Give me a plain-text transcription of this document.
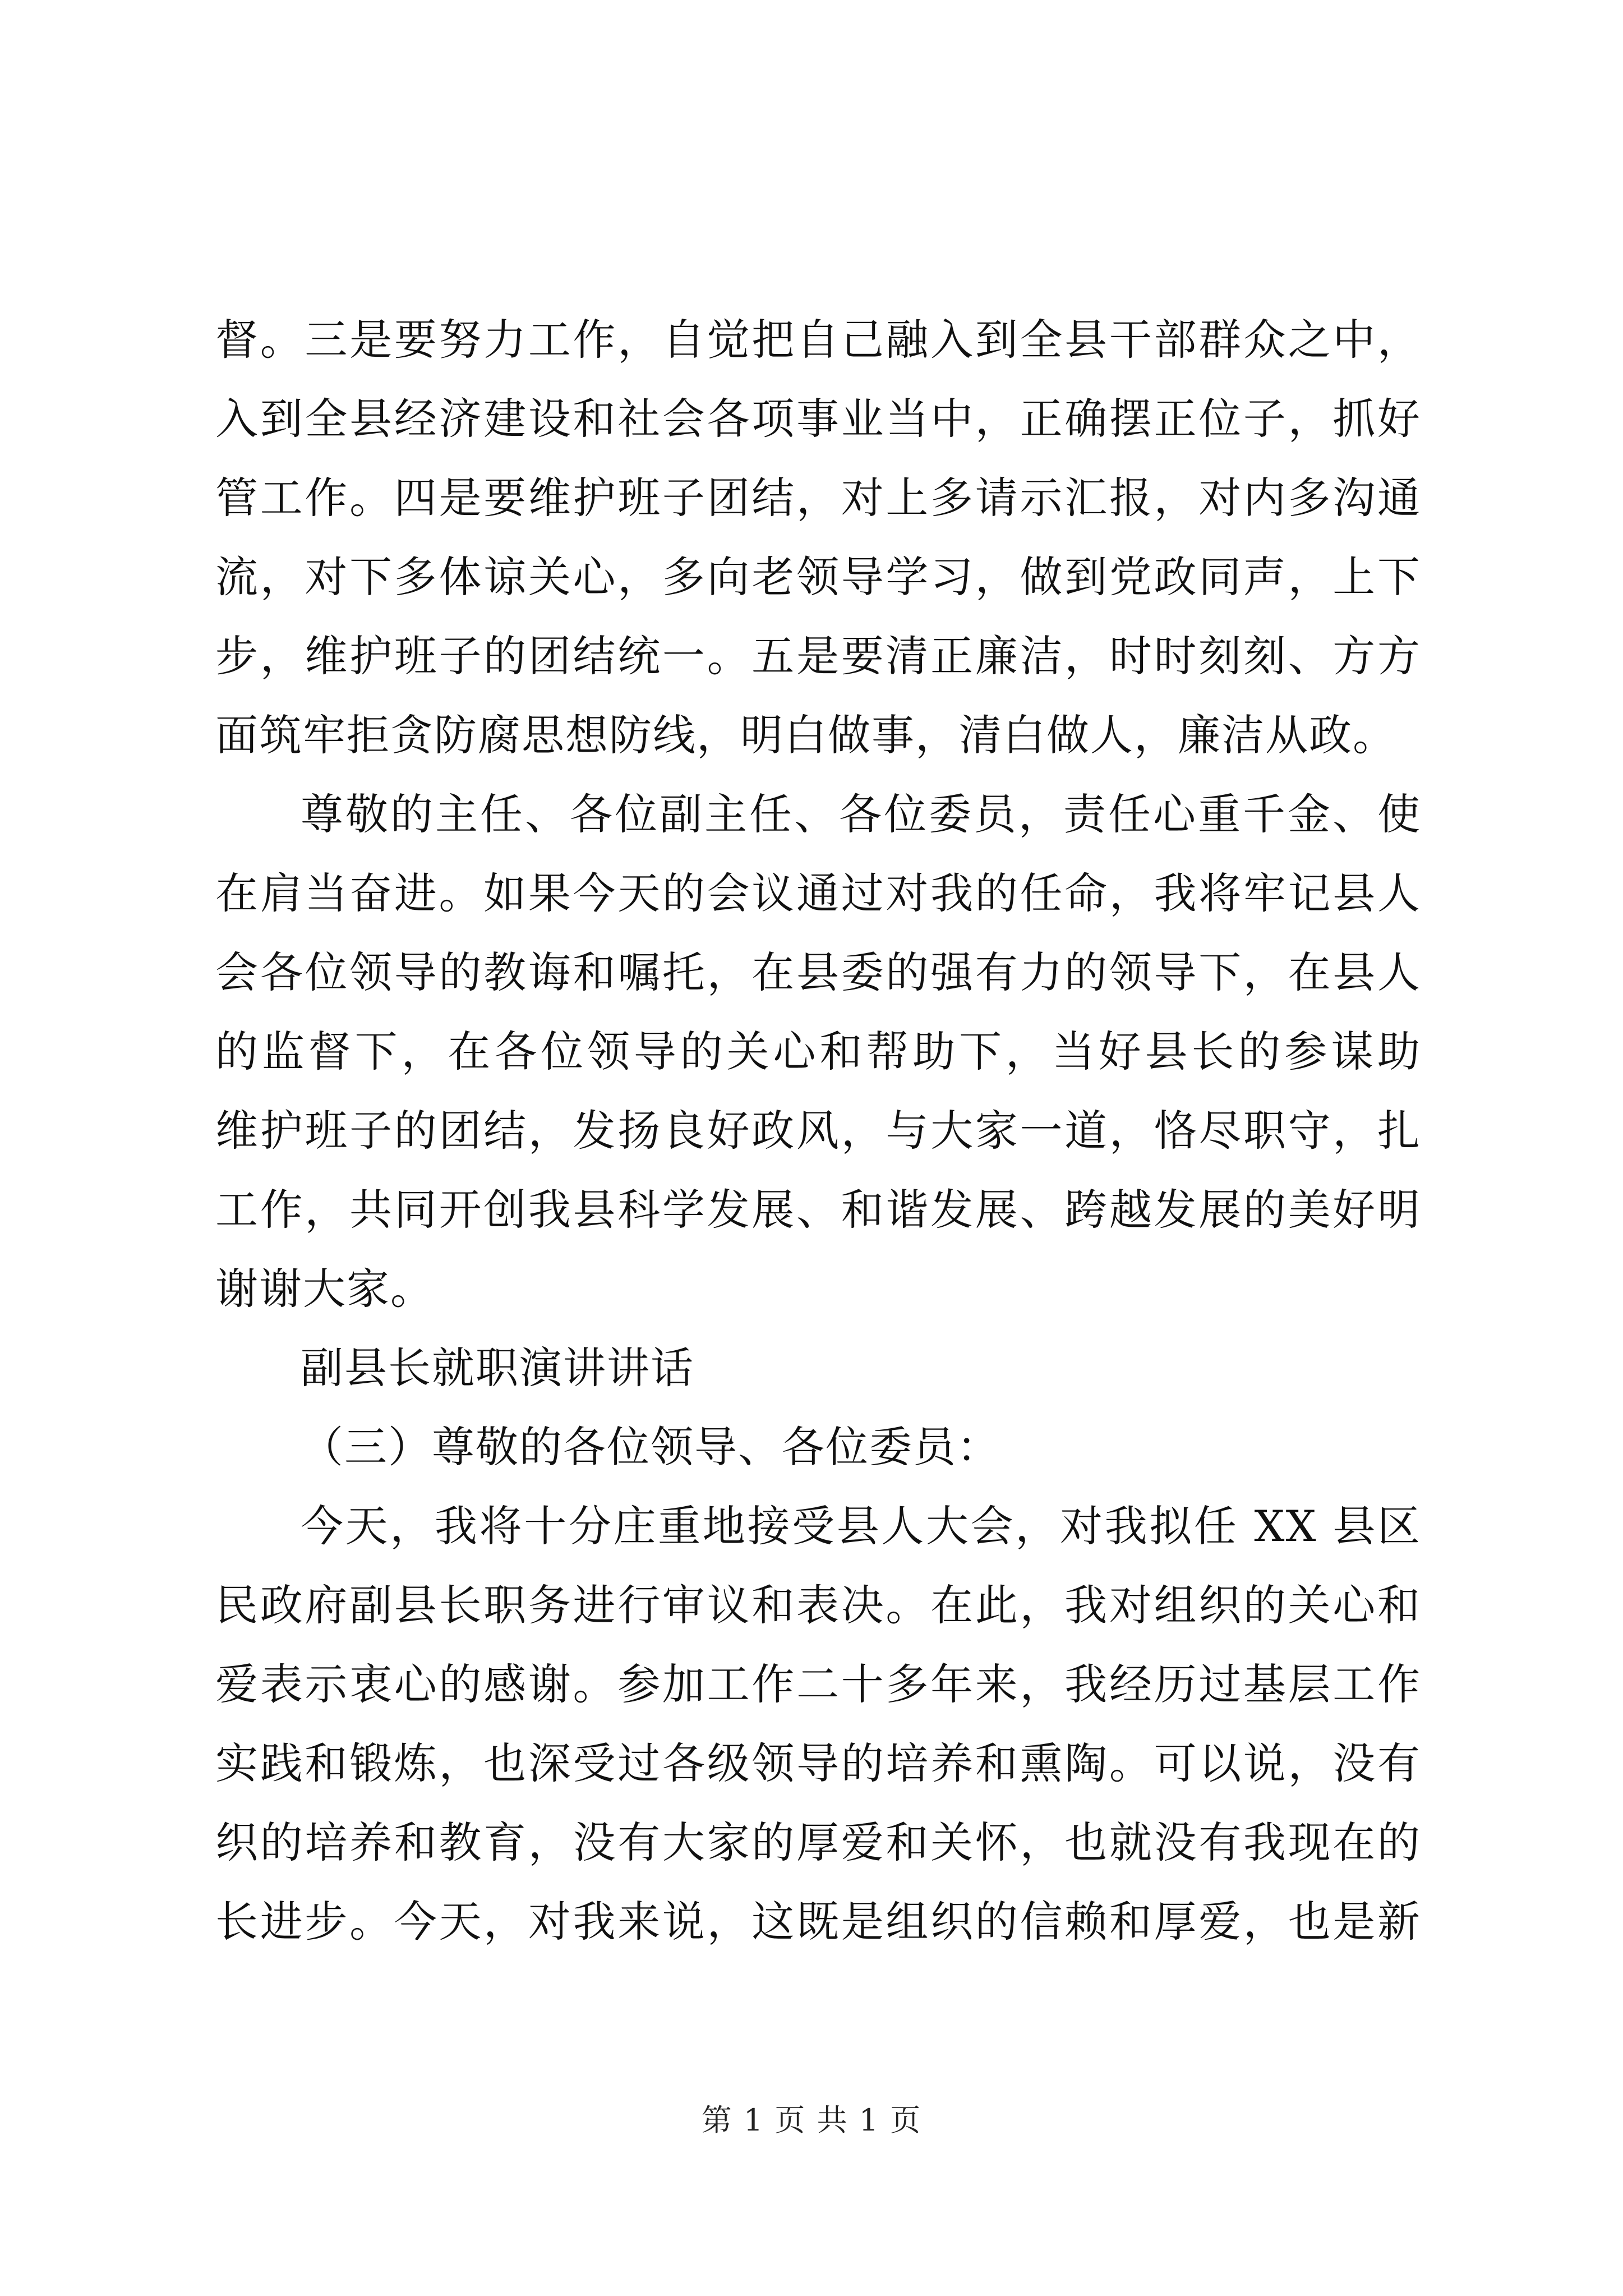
督。三是要努力工作，自觉把自己融入到全县干部群众之中，
入到全县经济建设和社会各项事业当中，正确摆正位子，抓好
管工作。四是要维护班子团结，对上多请示汇报，对内多沟通
流，对下多体谅关心，多向老领导学习，做到党政同声，上下
步，维护班子的团结统一。五是要清正廉洁，时时刻刻、方方
面筑牢拒贪防腐思想防线，明白做事，清白做人，廉洁从政。
尊敬的主任、各位副主任、各位委员，责任心重千金、使
在肩当奋进。如果今天的会议通过对我的任命，我将牢记县人
会各位领导的教诲和嘱托，在县委的强有力的领导下，在县人
的监督下，在各位领导的关心和帮助下，当好县长的参谋助
维护班子的团结，发扬良好政风，与大家一道，恪尽职守，扎
工作，共同开创我县科学发展、和谐发展、跨越发展的美好明
谢谢大家。
副县长就职演讲讲话
（三）尊敬的各位领导、各位委员：
今天，我将十分庄重地接受县人大会，对我拟任 XX 县区
民政府副县长职务进行审议和表决。在此，我对组织的关心和
爱表示衷心的感谢。参加工作二十多年来，我经历过基层工作
实践和锻炼，也深受过各级领导的培养和熏陶。可以说，没有
织的培养和教育，没有大家的厚爱和关怀，也就没有我现在的
长进步。今天，对我来说，这既是组织的信赖和厚爱，也是新
第 1 页 共 1 页
